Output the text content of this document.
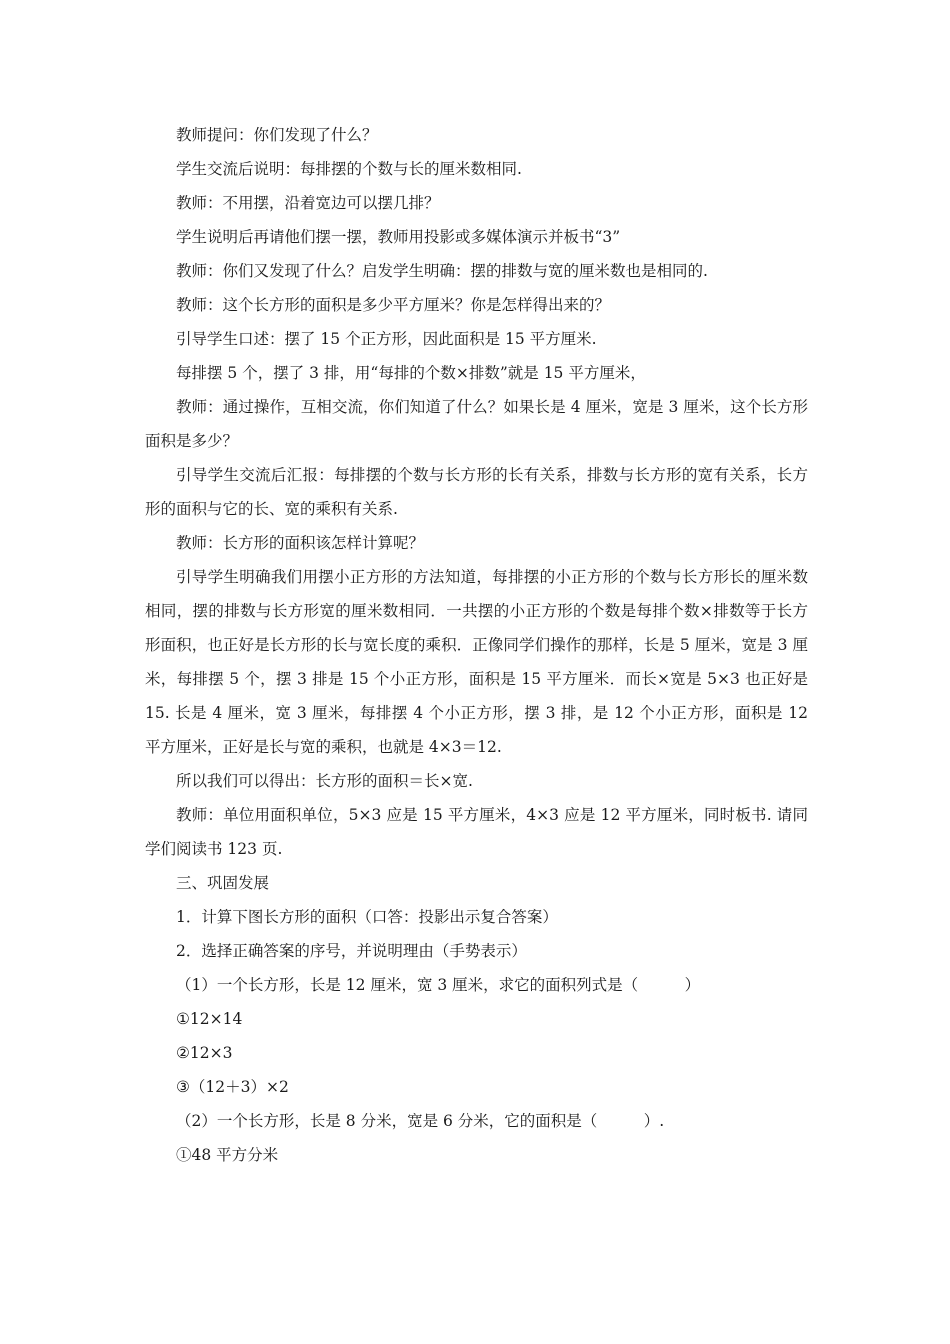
教师提问：你们发现了什么？

学生交流后说明：每排摆的个数与长的厘米数相同.

教师：不用摆，沿着宽边可以摆几排？

学生说明后再请他们摆一摆，教师用投影或多媒体演示并板书“3”

教师：你们又发现了什么？启发学生明确：摆的排数与宽的厘米数也是相同的.

教师：这个长方形的面积是多少平方厘米？你是怎样得出来的？

引导学生口述：摆了 15 个正方形，因此面积是 15 平方厘米.

每排摆 5 个，摆了 3 排，用“每排的个数×排数”就是 15 平方厘米，

教师：通过操作，互相交流，你们知道了什么？如果长是 4 厘米，宽是 3 厘米，这个长方形面积是多少？

引导学生交流后汇报：每排摆的个数与长方形的长有关系，排数与长方形的宽有关系，长方形的面积与它的长、宽的乘积有关系.

教师：长方形的面积该怎样计算呢？

引导学生明确我们用摆小正方形的方法知道，每排摆的小正方形的个数与长方形长的厘米数相同，摆的排数与长方形宽的厘米数相同．一共摆的小正方形的个数是每排个数×排数等于长方形面积，也正好是长方形的长与宽长度的乘积．正像同学们操作的那样，长是 5 厘米，宽是 3 厘米，每排摆 5 个，摆 3 排是 15 个小正方形，面积是 15 平方厘米．而长×宽是 5×3 也正好是 15. 长是 4 厘米，宽 3 厘米，每排摆 4 个小正方形，摆 3 排，是 12 个小正方形，面积是 12 平方厘米，正好是长与宽的乘积，也就是 4×3＝12.

所以我们可以得出：长方形的面积＝长×宽.

教师：单位用面积单位，5×3 应是 15 平方厘米，4×3 应是 12 平方厘米，同时板书. 请同学们阅读书 123 页.

三、巩固发展

1．计算下图长方形的面积（口答：投影出示复合答案）

2．选择正确答案的序号，并说明理由（手势表示）

（1）一个长方形，长是 12 厘米，宽 3 厘米，求它的面积列式是（　　　）

①12×14

②12×3

③（12＋3）×2

（2）一个长方形，长是 8 分米，宽是 6 分米，它的面积是（　　　）.

①48 平方分米
